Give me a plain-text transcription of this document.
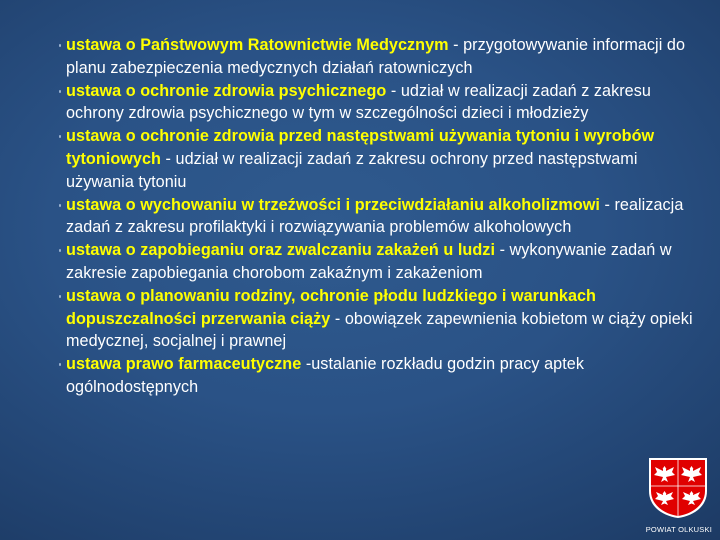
ustawa o Państwowym Ratownictwie Medycznym - przygotowywanie informacji do planu zabezpieczenia medycznych działań ratowniczych
ustawa o ochronie zdrowia psychicznego - udział w realizacji zadań z zakresu ochrony zdrowia psychicznego w tym w szczególności dzieci i młodzieży
ustawa o ochronie zdrowia przed następstwami używania tytoniu i wyrobów tytoniowych - udział w realizacji zadań z zakresu ochrony przed następstwami używania tytoniu
ustawa o wychowaniu w trzeźwości i przeciwdziałaniu alkoholizmowi - realizacja zadań z zakresu profilaktyki i rozwiązywania problemów alkoholowych
ustawa o zapobieganiu oraz zwalczaniu zakażeń u ludzi - wykonywanie zadań w zakresie zapobiegania chorobom zakaźnym i zakażeniom
ustawa o planowaniu rodziny, ochronie płodu ludzkiego i warunkach dopuszczalności przerwania ciąży - obowiązek zapewnienia kobietom w ciąży opieki medycznej, socjalnej i prawnej
ustawa prawo farmaceutyczne -ustalanie rozkładu godzin pracy aptek ogólnodostępnych
POWIAT OLKUSKI
